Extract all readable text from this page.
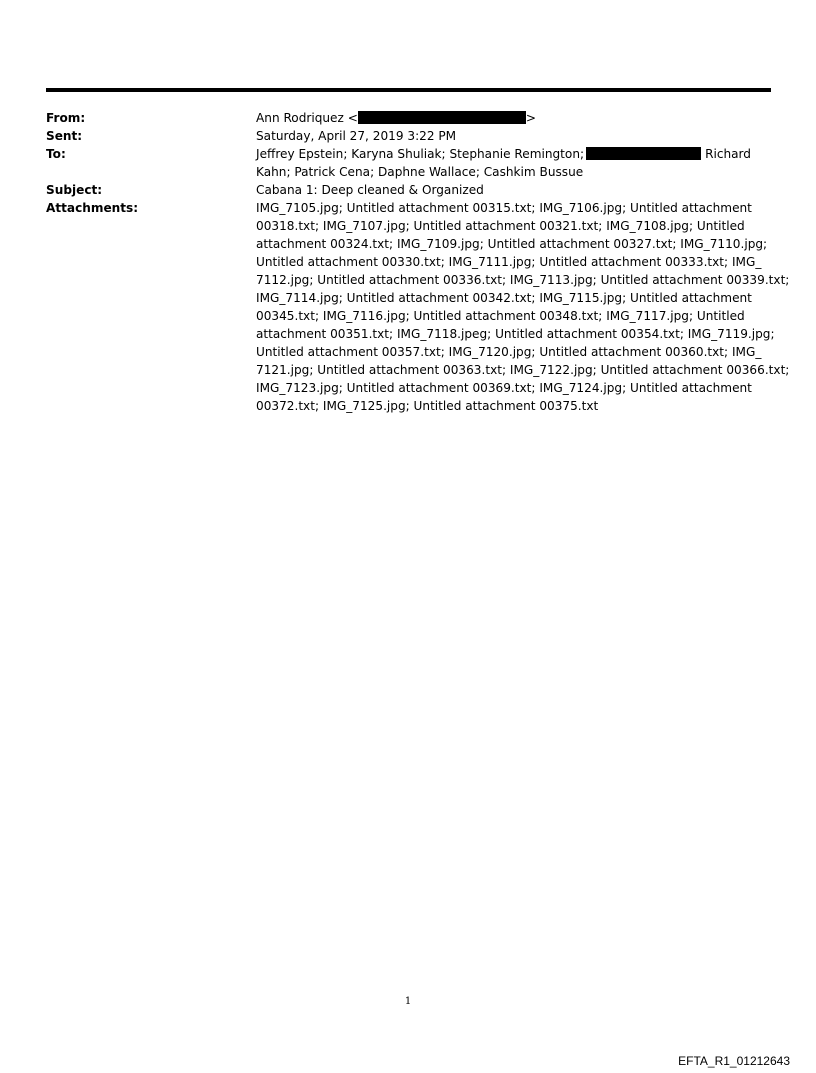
From:	Ann Rodriquez <	>
Sent:	Saturday, April 27, 2019 3:22 PM
To:	Jeffrey Epstein; Karyna Shuliak; Stephanie Remington;	Richard
Kahn; Patrick Cena; Daphne Wallace; Cashkim Bussue
Subject:	Cabana 1: Deep cleaned & Organized
Attachments:	IMG_7105.jpg; Untitled attachment 00315.txt; IMG_7106.jpg; Untitled attachment
00318.txt; IMG_7107.jpg; Untitled attachment 00321.txt; IMG_7108.jpg; Untitled
attachment 00324.txt; IMG_7109.jpg; Untitled attachment 00327.txt; IMG_7110.jpg;
Untitled attachment 00330.txt; IMG_7111.jpg; Untitled attachment 00333.txt; IMG_
7112.jpg; Untitled attachment 00336.txt; IMG_7113.jpg; Untitled attachment 00339.txt;
IMG_7114.jpg; Untitled attachment 00342.txt; IMG_7115.jpg; Untitled attachment
00345.txt; IMG_7116.jpg; Untitled attachment 00348.txt; IMG_7117.jpg; Untitled
attachment 00351.txt; IMG_7118.jpeg; Untitled attachment 00354.txt; IMG_7119.jpg;
Untitled attachment 00357.txt; IMG_7120.jpg; Untitled attachment 00360.txt; IMG_
7121.jpg; Untitled attachment 00363.txt; IMG_7122.jpg; Untitled attachment 00366.txt;
IMG_7123.jpg; Untitled attachment 00369.txt; IMG_7124.jpg; Untitled attachment
00372.txt; IMG_7125.jpg; Untitled attachment 00375.txt
1
EFTA_R1_01212643
